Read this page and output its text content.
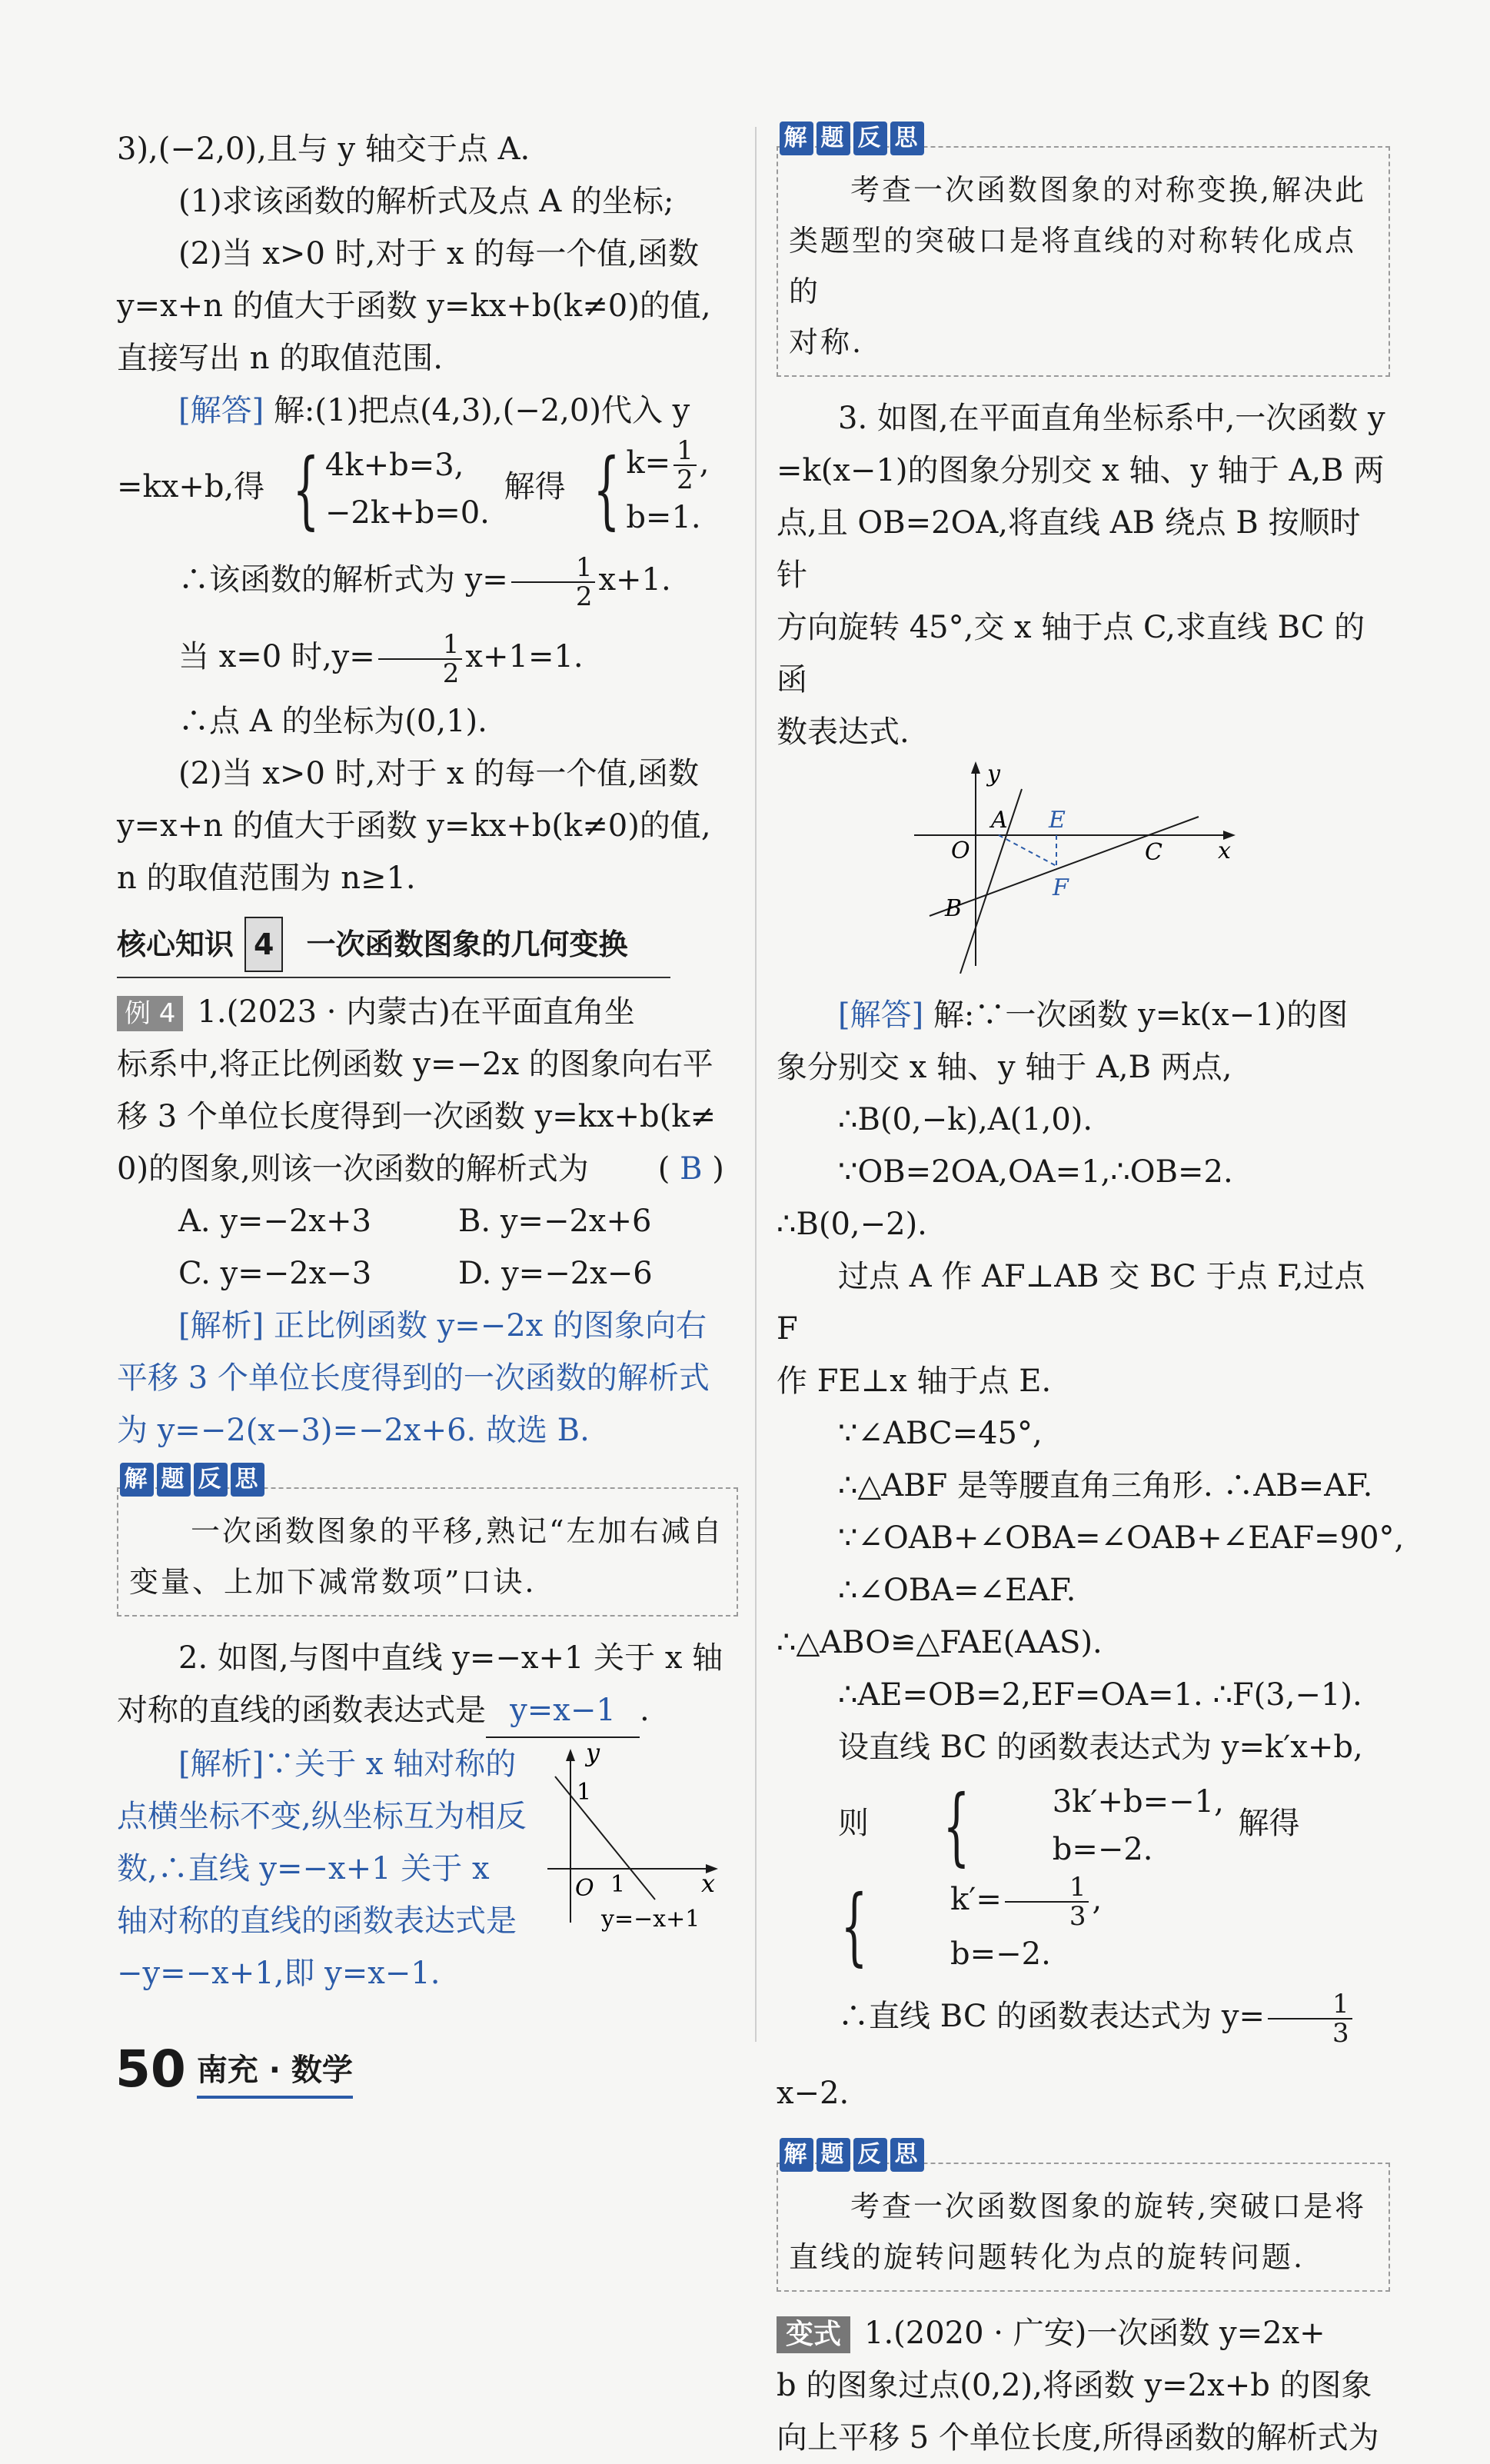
3),(−2,0),且与 y 轴交于点 A.

(1)求该函数的解析式及点 A 的坐标;

(2)当 x>0 时,对于 x 的每一个值,函数

y=x+n 的值大于函数 y=kx+b(k≠0)的值,

直接写出 n 的取值范围.

[解答] 解:(1)把点(4,3),(−2,0)代入 y

=kx+b,得 { 4k+b=3,
−2k+b=0.
解得 { $k= \frac{1}{2}$ ,
b=1.

∴该函数的解析式为 $y= \frac{1}{2} x+1$.

当 x=0 时$,y= \frac{1}{2} x+1=1$.

∴点 A 的坐标为(0,1).

(2)当 x>0 时,对于 x 的每一个值,函数

y=x+n 的值大于函数 y=kx+b(k≠0)的值,

n 的取值范围为 n≥1.

核心知识 4	一次函数图象的几何变换

例 4 1.(2023 · 内蒙古)在平面直角坐

标系中,将正比例函数 y=−2x 的图象向右平

移 3 个单位长度得到一次函数 y=kx+b(k≠

0)的图象,则该一次函数的解析式为 ( B )

A. y=−2x+3	B. y=−2x+6
C. y=−2x−3	D. y=−2x−6

[解析] 正比例函数 y=−2x 的图象向右

平移 3 个单位长度得到的一次函数的解析式

为 y=−2(x−3)=−2x+6. 故选 B.

解 题 反 思

一次函数图象的平移,熟记“左加右减自

变量、上加下减常数项”口诀.

2. 如图,与图中直线 y=−x+1 关于 x 轴

对称的直线的函数表达式是 y=x−1 .

[解析]∵关于 x 轴对称的

点横坐标不变,纵坐标互为相反

数,∴直线 y=−x+1 关于 x

轴对称的直线的函数表达式是

−y=−x+1,即 y=x−1.

y
x
1
1
O
y=−x+1
解 题 反 思

考查一次函数图象的对称变换,解决此

类题型的突破口是将直线的对称转化成点的

对称.

3. 如图,在平面直角坐标系中,一次函数 y

=k(x−1)的图象分别交 x 轴、y 轴于 A,B 两

点,且 OB=2OA,将直线 AB 绕点 B 按顺时针

方向旋转 45°,交 x 轴于点 C,求直线 BC 的函

数表达式.

y
x
A E
O	C
F
B

[解答] 解:∵一次函数 y=k(x−1)的图

象分别交 x 轴、y 轴于 A,B 两点,

∴B(0,−k),A(1,0).

∵OB=2OA,OA=1,∴OB=2. ∴B(0,−2).

过点 A 作 AF⊥AB 交 BC 于点 F,过点 F

作 FE⊥x 轴于点 E.

∵∠ABC=45°,

∴△ABF 是等腰直角三角形. ∴AB=AF.

∵∠OAB+∠OBA=∠OAB+∠EAF=90°,

∴∠OBA=∠EAF. ∴△ABO≌△FAE(AAS).

∴AE=OB=2,EF=OA=1. ∴F(3,−1).

设直线 BC 的函数表达式为 y=k′x+b,

则 {	3k′+b=−1,
b=−2.
解得
{	$k'= \frac{1}{3}$ ,
b=−2.

∴直线 BC 的函数表达式为 $y= \frac{1}{3}$
x−2.

解 题 反 思

考查一次函数图象的旋转,突破口是将

直线的旋转问题转化为点的旋转问题.

变式 1.(2020 · 广安)一次函数 y=2x+

b 的图象过点(0,2),将函数 y=2x+b 的图象

向上平移 5 个单位长度,所得函数的解析式为

50 南充 · 数学
